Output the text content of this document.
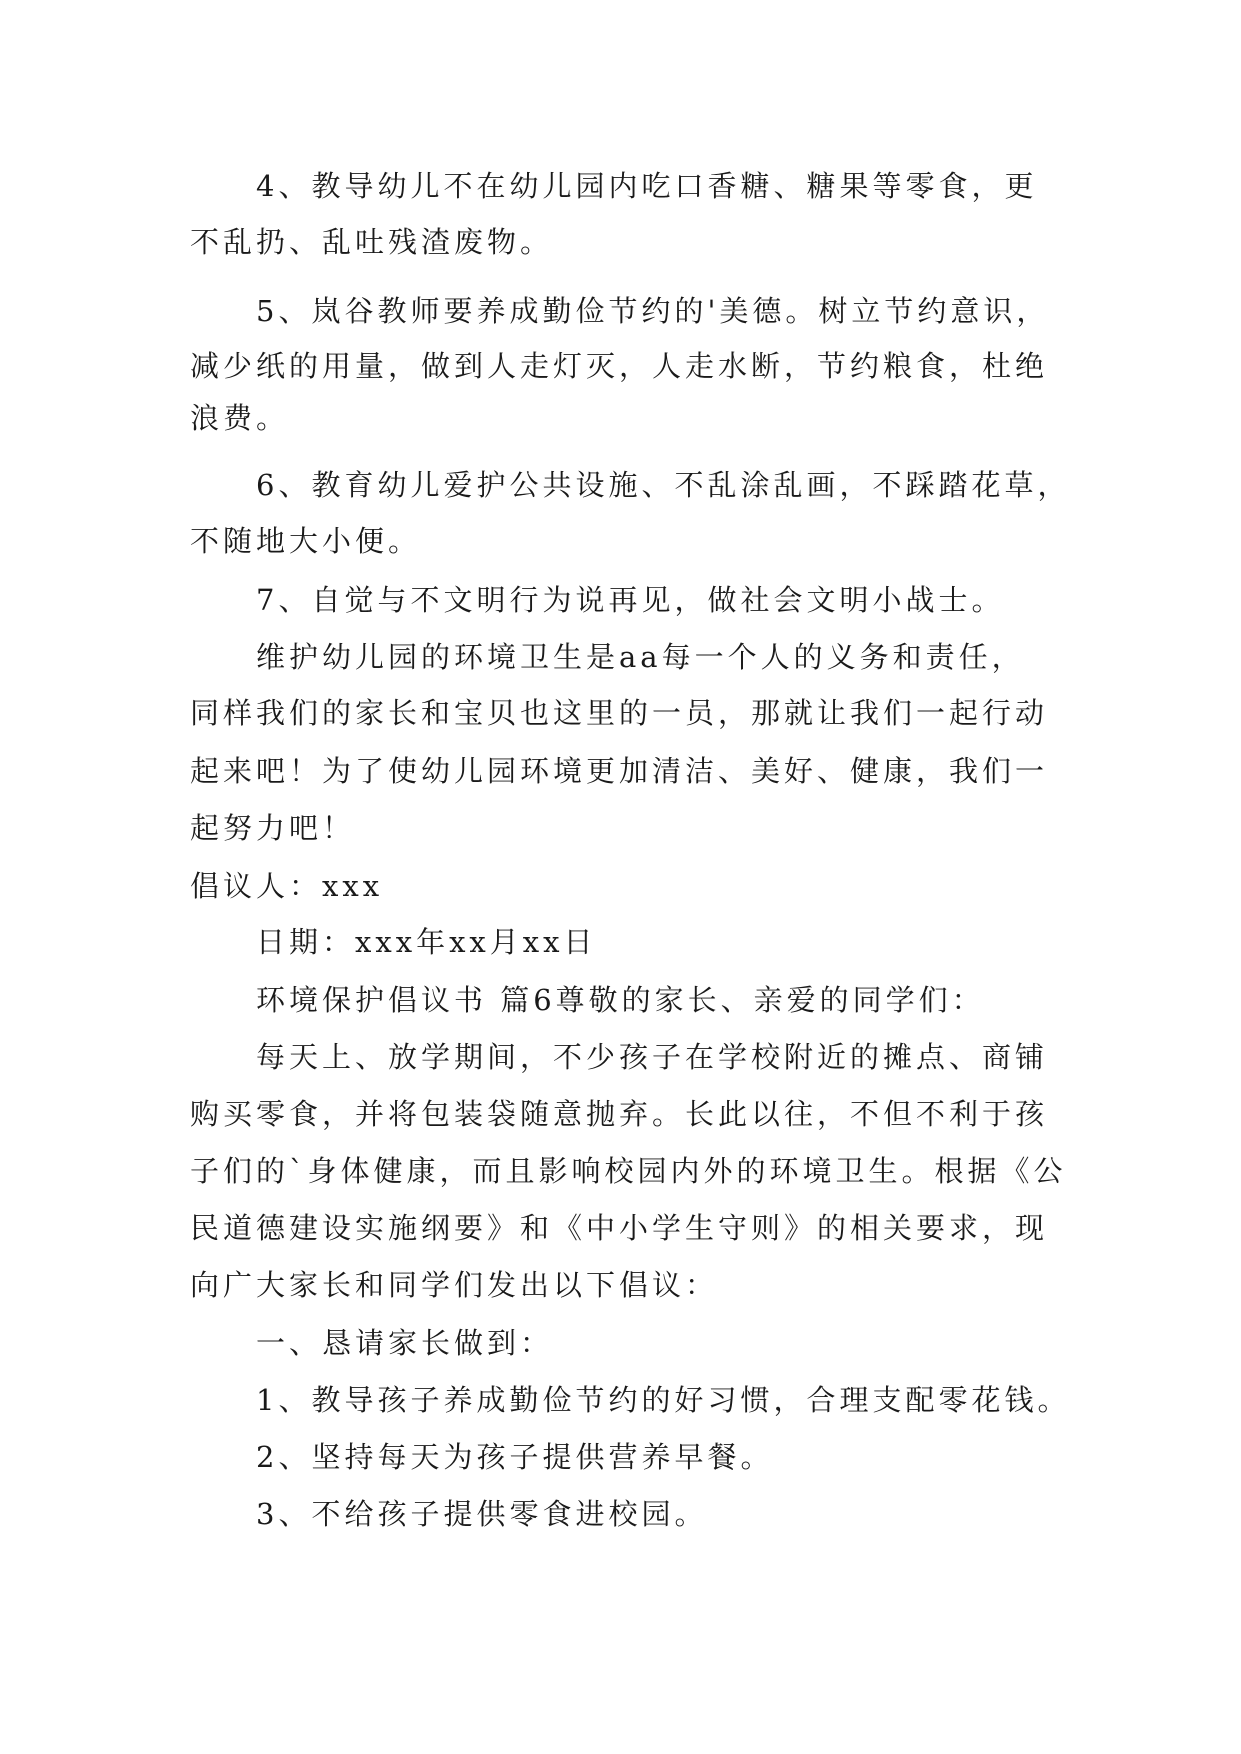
4、教导幼儿不在幼儿园内吃口香糖、糖果等零食，更
不乱扔、乱吐残渣废物。
5、岚谷教师要养成勤俭节约的'美德。树立节约意识，
减少纸的用量，做到人走灯灭，人走水断，节约粮食，杜绝
浪费。
6、教育幼儿爱护公共设施、不乱涂乱画，不踩踏花草，
不随地大小便。
7、自觉与不文明行为说再见，做社会文明小战士。
维护幼儿园的环境卫生是aa每一个人的义务和责任，
同样我们的家长和宝贝也这里的一员，那就让我们一起行动
起来吧！为了使幼儿园环境更加清洁、美好、健康，我们一
起努力吧！
倡议人：xxx
日期：xxx年xx月xx日
环境保护倡议书 篇6尊敬的家长、亲爱的同学们：
每天上、放学期间，不少孩子在学校附近的摊点、商铺
购买零食，并将包装袋随意抛弃。长此以往，不但不利于孩
子们的`身体健康，而且影响校园内外的环境卫生。根据《公
民道德建设实施纲要》和《中小学生守则》的相关要求，现
向广大家长和同学们发出以下倡议：
一、恳请家长做到：
1、教导孩子养成勤俭节约的好习惯，合理支配零花钱。
2、坚持每天为孩子提供营养早餐。
3、不给孩子提供零食进校园。
